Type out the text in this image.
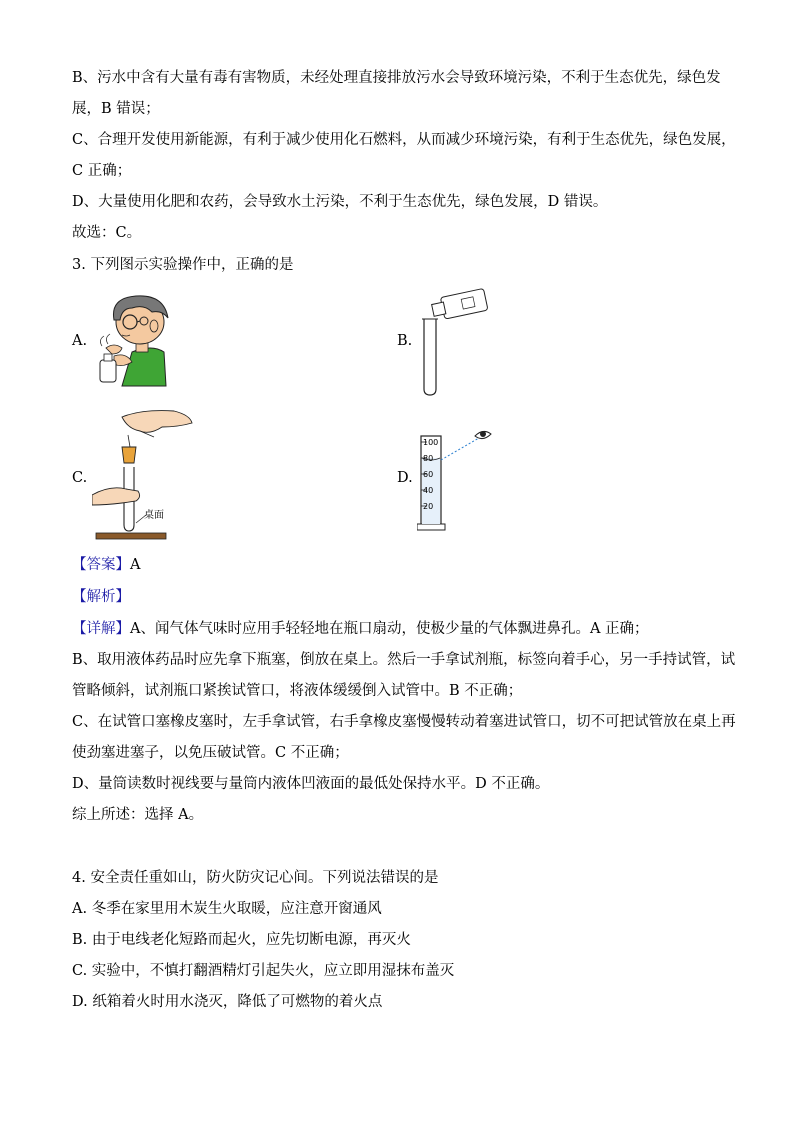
B、污水中含有大量有毒有害物质，未经处理直接排放污水会导致环境污染，不利于生态优先，绿色发
展，B 错误；
C、合理开发使用新能源，有利于减少使用化石燃料，从而减少环境污染，有利于生态优先，绿色发展，
C 正确；
D、大量使用化肥和农药，会导致水土污染，不利于生态优先，绿色发展，D 错误。
故选：C。
3. 下列图示实验操作中，正确的是
A.	B.
C.	D.
桌面
100
80
60
40
20
【答案】A
【解析】
【详解】A、闻气体气味时应用手轻轻地在瓶口扇动，使极少量的气体飘进鼻孔。A 正确；
B、取用液体药品时应先拿下瓶塞，倒放在桌上。然后一手拿试剂瓶，标签向着手心，另一手持试管，试
管略倾斜，试剂瓶口紧挨试管口，将液体缓缓倒入试管中。B 不正确；
C、在试管口塞橡皮塞时，左手拿试管，右手拿橡皮塞慢慢转动着塞进试管口，切不可把试管放在桌上再
使劲塞进塞子，以免压破试管。C 不正确；
D、量筒读数时视线要与量筒内液体凹液面的最低处保持水平。D 不正确。
综上所述：选择 A。
4. 安全责任重如山，防火防灾记心间。下列说法错误的是
A. 冬季在家里用木炭生火取暖，应注意开窗通风
B. 由于电线老化短路而起火，应先切断电源，再灭火
C. 实验中，不慎打翻酒精灯引起失火，应立即用湿抹布盖灭
D. 纸箱着火时用水浇灭，降低了可燃物的着火点
